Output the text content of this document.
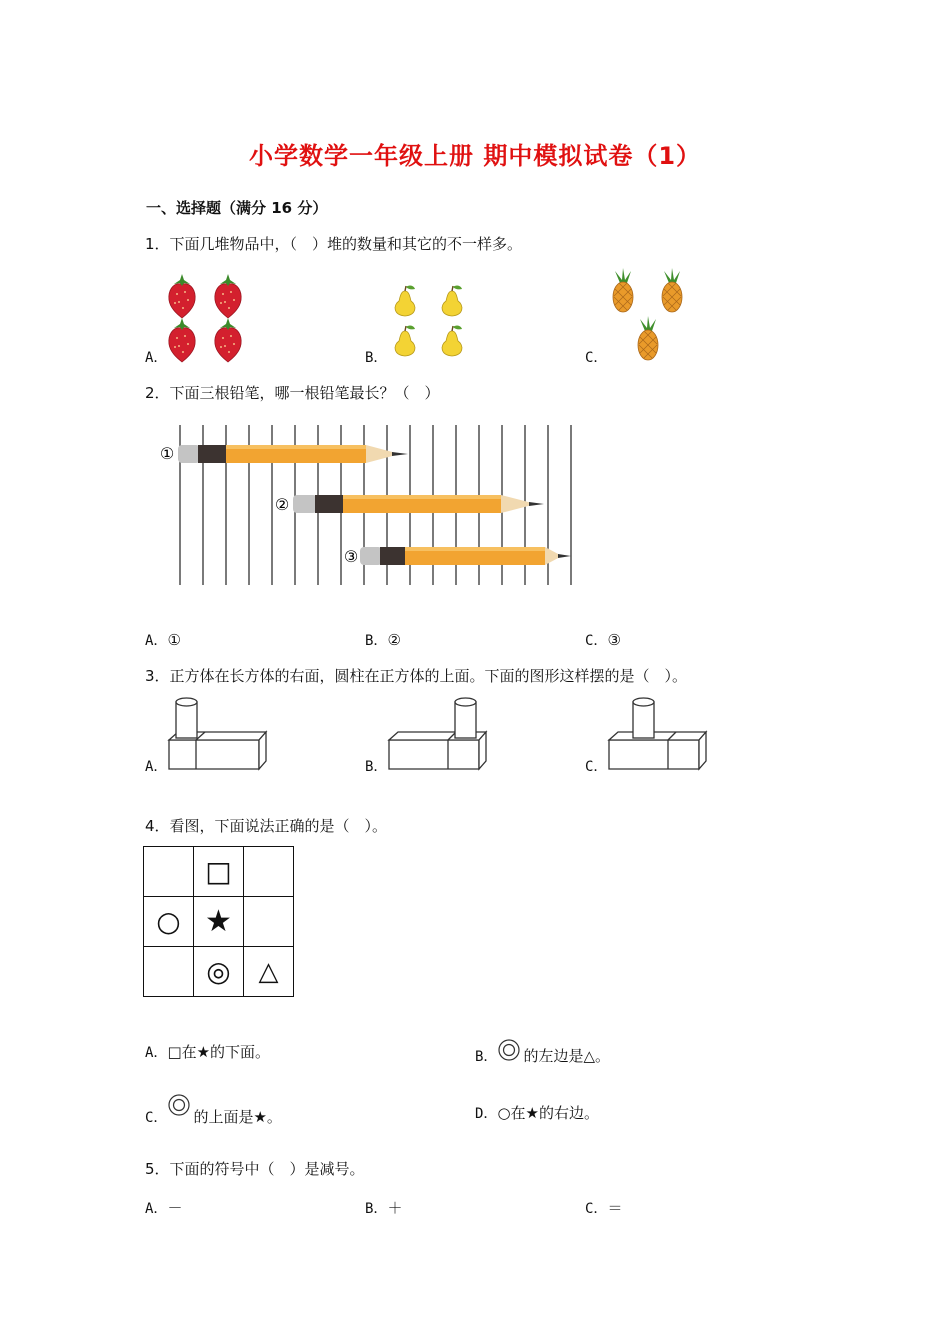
小学数学一年级上册 期中模拟试卷（1）
一、选择题（满分 16 分）
1．下面几堆物品中，（　）堆的数量和其它的不一样多。
A．	B．	C．
2．下面三根铅笔，哪一根铅笔最长？（　）
①
②
③
A．①	B．②	C．③
3．正方体在长方体的右面，圆柱在正方体的上面。下面的图形这样摆的是（　）。
A．	B．	C．
4．看图，下面说法正确的是（　）。
	□	
○	★	
	◎	△
A．□在★的下面。	B． 的左边是△。
C． 的上面是★。	D．○在★的右边。
5．下面的符号中（　）是减号。
A．－	B．＋	C．＝
